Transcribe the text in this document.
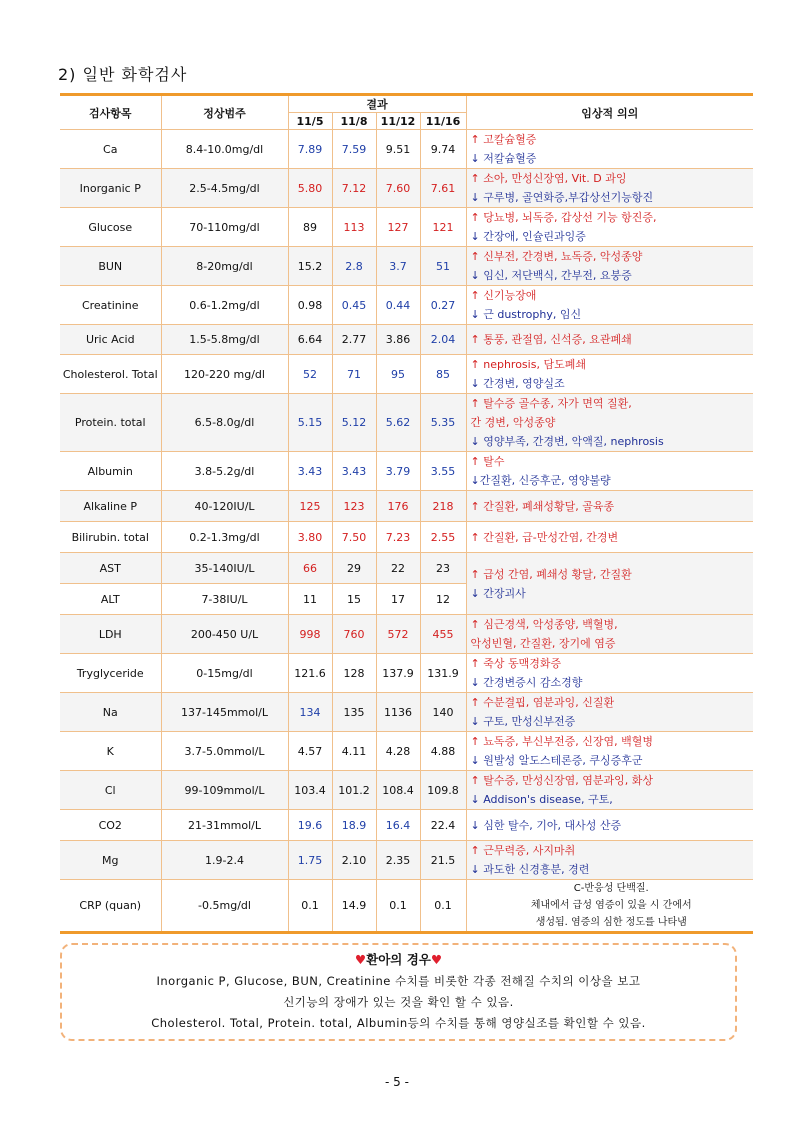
2) 일반 화학검사
검사항목	정상범주	결과				임상적 의의
		11/5	11/8	11/12	11/16	
Ca	8.4-10.0mg/dl	7.89	7.59	9.51	9.74	↑ 고칼슘혈증
↓ 저칼슘혈증

Inorganic P	2.5-4.5mg/dl	5.80	7.12	7.60	7.61	↑ 소아, 만성신장염, Vit. D 과잉
↓ 구루병, 골연화증,부갑상선기능항진

Glucose	70-110mg/dl	89	113	127	121	↑ 당뇨병, 뇌독증, 갑상선 기능 항진증,
↓ 간장애, 인슐린과잉증

BUN	8-20mg/dl	15.2	2.8	3.7	51	↑ 신부전, 간경변, 뇨독증, 악성종양
↓ 임신, 저단백식, 간부전, 요붕증

Creatinine	0.6-1.2mg/dl	0.98	0.45	0.44	0.27	↑ 신기능장애
↓ 근 dustrophy, 임신

Uric Acid	1.5-5.8mg/dl	6.64	2.77	3.86	2.04	↑ 통풍, 관절염, 신석증, 요관폐쇄

Cholesterol. Total	120-220 mg/dl	52	71	95	85	↑ nephrosis, 담도폐쇄
↓ 간경변, 영양실조

Protein. total	6.5-8.0g/dl	5.15	5.12	5.62	5.35	↑ 탈수증 골수종, 자가 면역 질환,
간 경변, 악성종양
↓ 영양부족, 간경변, 악액질, nephrosis

Albumin	3.8-5.2g/dl	3.43	3.43	3.79	3.55	↑ 탈수
↓간질환, 신증후군, 영양불량

Alkaline P	40-120IU/L	125	123	176	218	↑ 간질환, 폐쇄성황달, 골육종

Bilirubin. total	0.2-1.3mg/dl	3.80	7.50	7.23	2.55	↑ 간질환, 급-만성간염, 간경변

AST	35-140IU/L	66	29	22	23	↑ 급성 간염, 폐쇄성 황달, 간질환
↓ 간장괴사

ALT	7-38IU/L	11	15	17	12	
LDH	200-450 U/L	998	760	572	455	↑ 심근경색, 악성종양, 백혈병,
악성빈혈, 간질환, 장기에 염증

Tryglyceride	0-15mg/dl	121.6	128	137.9	131.9	↑ 죽상 동맥경화증
↓ 간경변증시 감소경향

Na	137-145mmol/L	134	135	1136	140	↑ 수분결핍, 염분과잉, 신질환
↓ 구토, 만성신부전증

K	3.7-5.0mmol/L	4.57	4.11	4.28	4.88	↑ 뇨독증, 부신부전증, 신장염, 백혈병
↓ 원발성 알도스테론증, 쿠싱증후군

Cl	99-109mmol/L	103.4	101.2	108.4	109.8	↑ 탈수증, 만성신장염, 염분과잉, 화상
↓ Addison's disease, 구토,

CO2	21-31mmol/L	19.6	18.9	16.4	22.4	↓ 심한 탈수, 기아, 대사성 산증

Mg	1.9-2.4	1.75	2.10	2.35	21.5	↑ 근무력증, 사지마취
↓ 과도한 신경흥분, 경련

CRP (quan)	-0.5mg/dl	0.1	14.9	0.1	0.1	C-반응성 단백질.
체내에서 급성 염증이 있을 시 간에서
생성됨. 염증의 심한 정도를 나타냄
♥환아의 경우♥
Inorganic P, Glucose, BUN, Creatinine 수치를 비롯한 각종 전해질 수치의 이상을 보고
신기능의 장애가 있는 것을 확인 할 수 있음.
Cholesterol. Total, Protein. total, Albumin등의 수치를 통해 영양실조를 확인할 수 있음.
- 5 -
